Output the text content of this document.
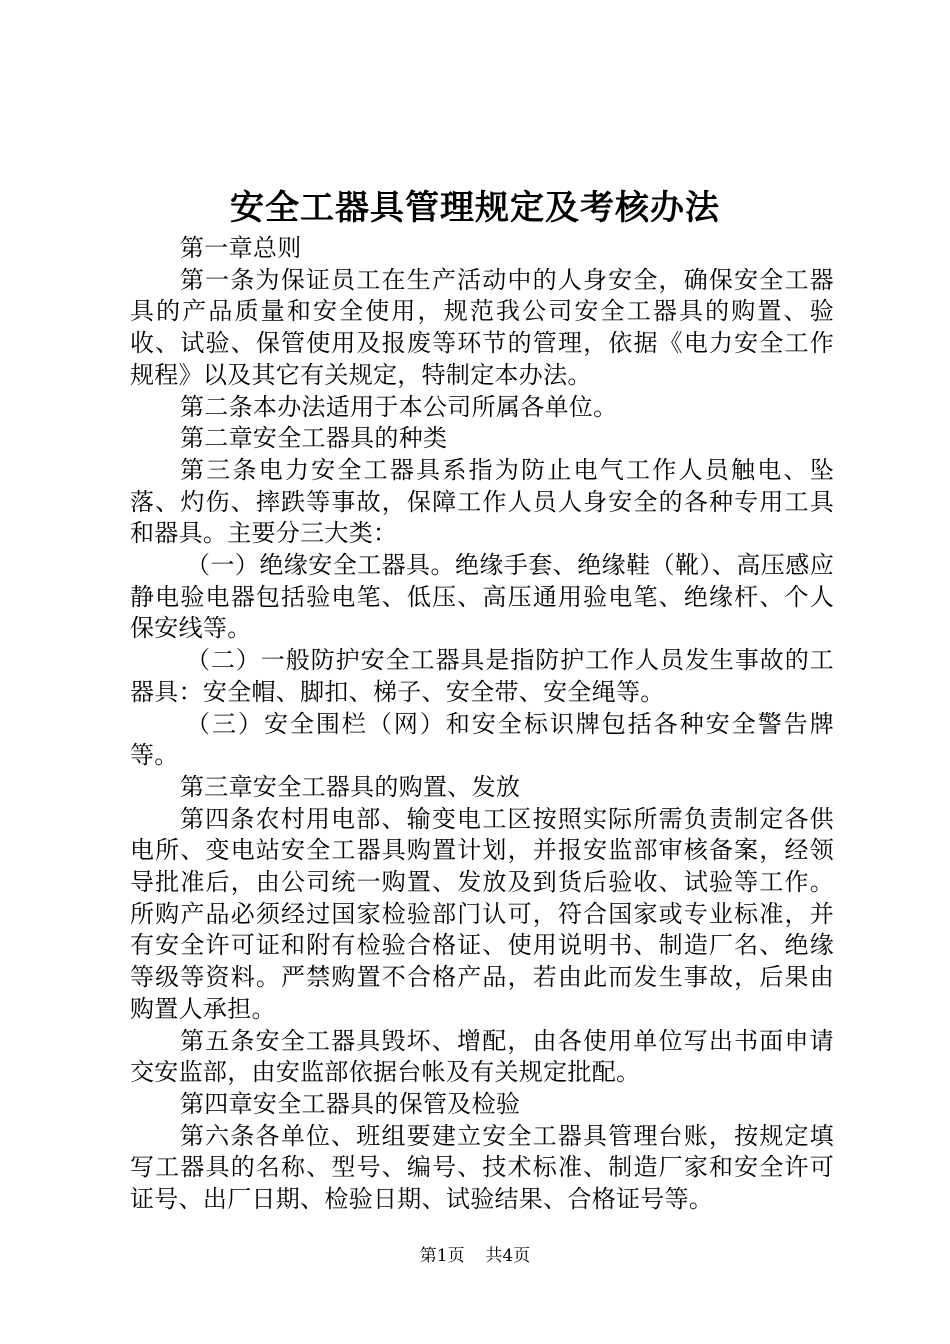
安全工器具管理规定及考核办法

第一章总则

第一条为保证员工在生产活动中的人身安全，确保安全工器具的产品质量和安全使用，规范我公司安全工器具的购置、验收、试验、保管使用及报废等环节的管理，依据《电力安全工作规程》以及其它有关规定，特制定本办法。

第二条本办法适用于本公司所属各单位。

第二章安全工器具的种类

第三条电力安全工器具系指为防止电气工作人员触电、坠落、灼伤、摔跌等事故，保障工作人员人身安全的各种专用工具和器具。主要分三大类：

（一）绝缘安全工器具。绝缘手套、绝缘鞋（靴）、高压感应静电验电器包括验电笔、低压、高压通用验电笔、绝缘杆、个人保安线等。

（二）一般防护安全工器具是指防护工作人员发生事故的工器具：安全帽、脚扣、梯子、安全带、安全绳等。

（三）安全围栏（网）和安全标识牌包括各种安全警告牌等。

第三章安全工器具的购置、发放

第四条农村用电部、输变电工区按照实际所需负责制定各供电所、变电站安全工器具购置计划，并报安监部审核备案，经领导批准后，由公司统一购置、发放及到货后验收、试验等工作。所购产品必须经过国家检验部门认可，符合国家或专业标准，并有安全许可证和附有检验合格证、使用说明书、制造厂名、绝缘等级等资料。严禁购置不合格产品，若由此而发生事故，后果由购置人承担。

第五条安全工器具毁坏、增配，由各使用单位写出书面申请交安监部，由安监部依据台帐及有关规定批配。

第四章安全工器具的保管及检验

第六条各单位、班组要建立安全工器具管理台账，按规定填写工器具的名称、型号、编号、技术标准、制造厂家和安全许可证号、出厂日期、检验日期、试验结果、合格证号等。

第1页 共4页
